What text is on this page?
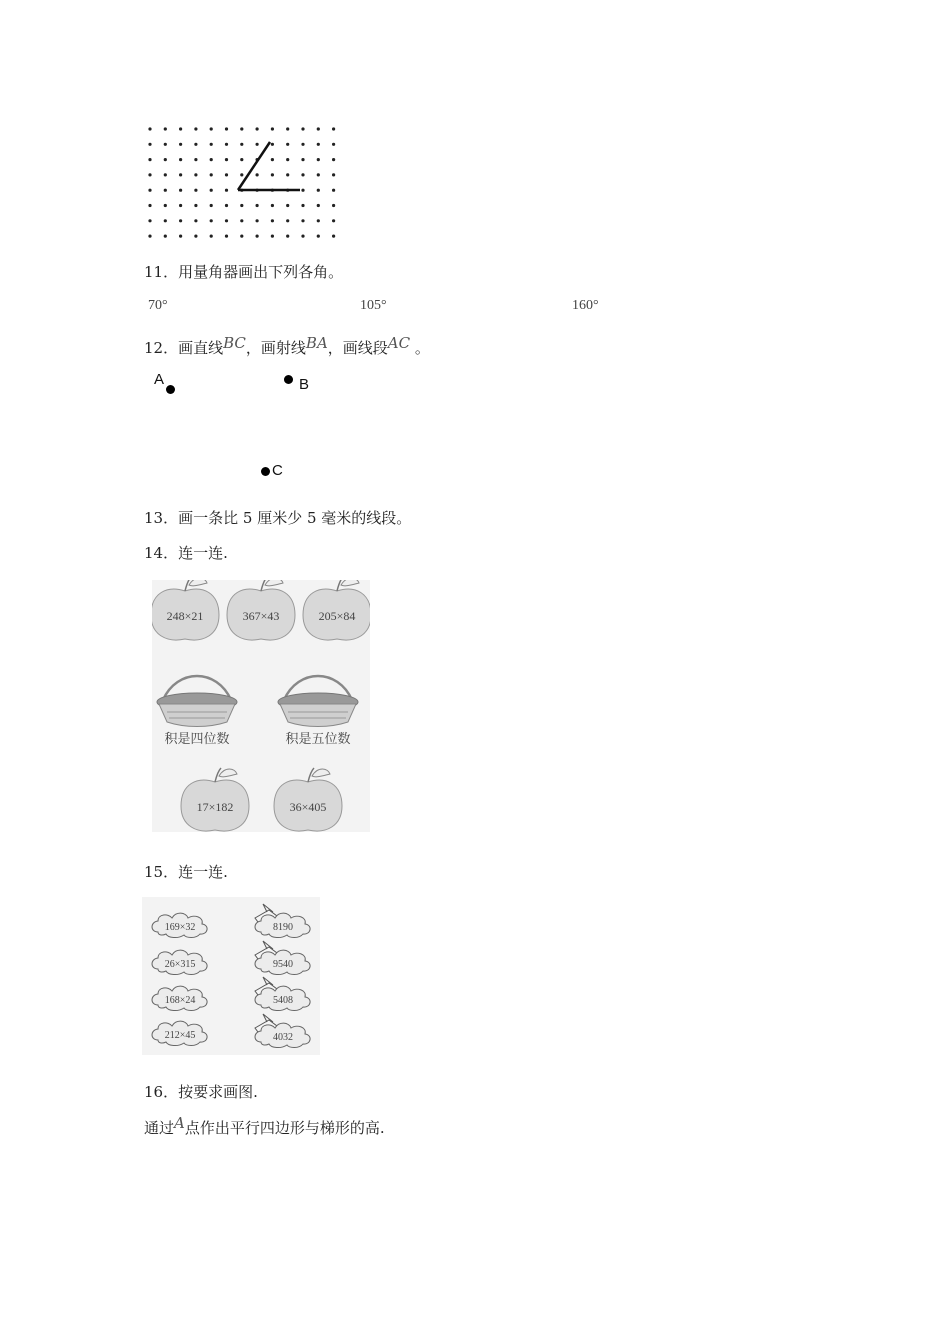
11．用量角器画出下列各角。
70°	105°	160°
12．画直线BC，画射线BA，画线段AC 。
A	B
C
13．画一条比 5 厘米少 5 毫米的线段。
14．连一连.
248×21	367×43	205×84
积是四位数	积是五位数
17×182	36×405
15．连一连.
169×32
26×315
168×24
212×45
8190
9540
5408
4032
16．按要求画图.
通过A点作出平行四边形与梯形的高.
